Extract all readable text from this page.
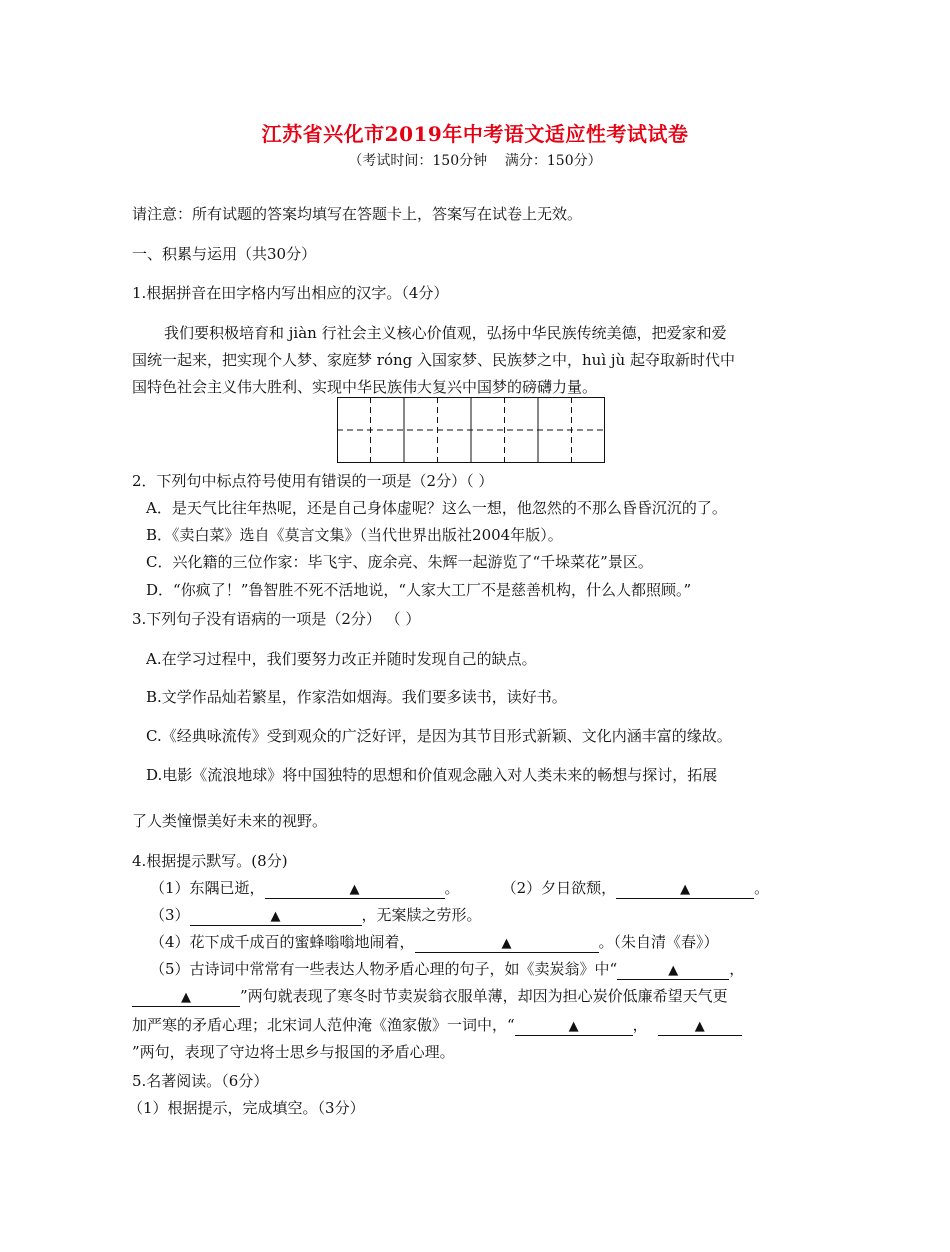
江苏省兴化市2019年中考语文适应性考试试卷
（考试时间：150分钟    满分：150分）
请注意：所有试题的答案均填写在答题卡上，答案写在试卷上无效。
一、积累与运用（共30分）
1.根据拼音在田字格内写出相应的汉字。（4分）
我们要积极培育和 jiàn 行社会主义核心价值观，弘扬中华民族传统美德，把爱家和爱
国统一起来，把实现个人梦、家庭梦 róng 入国家梦、民族梦之中，huì jù 起夺取新时代中
国特色社会主义伟大胜利、实现中华民族伟大复兴中国梦的磅礴力量。
2．下列句中标点符号使用有错误的一项是（2分）（ ）
A．是天气比往年热呢，还是自己身体虚呢？这么一想，他忽然的不那么昏昏沉沉的了。
B．《卖白菜》选自《莫言文集》（当代世界出版社2004年版）。
C．兴化籍的三位作家：毕飞宇、庞余亮、朱辉一起游览了“千垛菜花”景区。
D．“你疯了！”鲁智胜不死不活地说，“人家大工厂不是慈善机构，什么人都照顾。”
3.下列句子没有语病的一项是（2分） （ ）
A.在学习过程中，我们要努力改正并随时发现自己的缺点。
B.文学作品灿若繁星，作家浩如烟海。我们要多读书，读好书。
C.《经典咏流传》受到观众的广泛好评，是因为其节目形式新颖、文化内涵丰富的缘故。
D.电影《流浪地球》将中国独特的思想和价值观念融入对人类未来的畅想与探讨，拓展
了人类憧憬美好未来的视野。
4.根据提示默写。(8分)
（1）东隅已逝，	▲	。	（2）夕日欲颓，	▲	。
（3）	▲	，无案牍之劳形。
（4）花下成千成百的蜜蜂嗡嗡地闹着，	▲	。（朱自清《春》）
（5）古诗词中常常有一些表达人物矛盾心理的句子，如《卖炭翁》中“	▲	，
▲	”两句就表现了寒冬时节卖炭翁衣服单薄，却因为担心炭价低廉希望天气更
加严寒的矛盾心理；北宋词人范仲淹《渔家傲》一词中，“	▲	，	▲
”两句，表现了守边将士思乡与报国的矛盾心理。
5.名著阅读。（6分）
（1）根据提示，完成填空。（3分）
